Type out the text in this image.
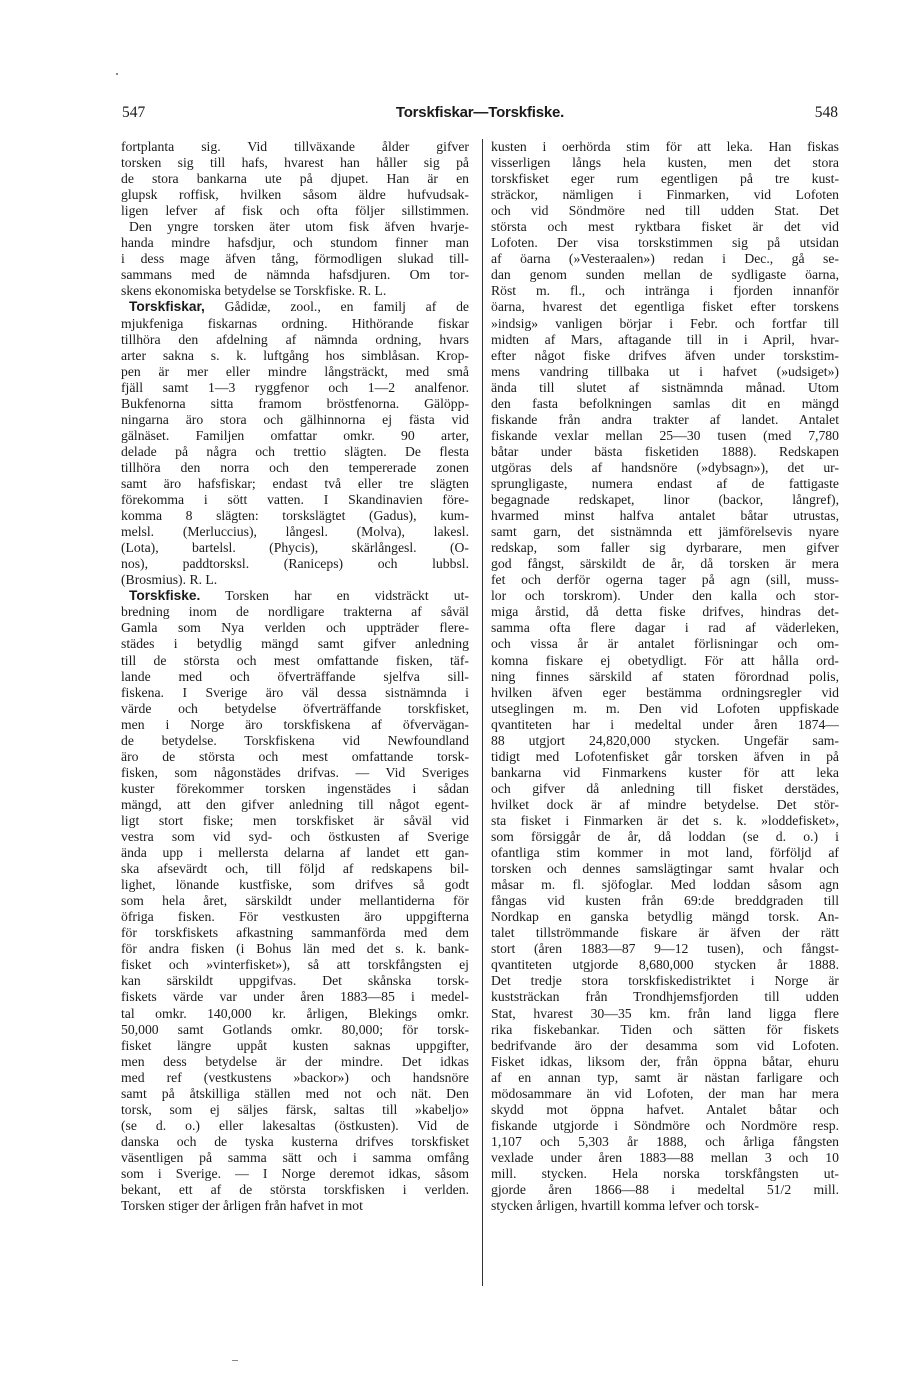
547	Torskfiskar—Torskfiske.	548
fortplanta sig. Vid tillväxande ålder gifver
torsken sig till hafs, hvarest han håller sig på
de stora bankarna ute på djupet. Han är en
glupsk roffisk, hvilken såsom äldre hufvudsak-
ligen lefver af fisk och ofta följer sillstimmen.
Den yngre torsken äter utom fisk äfven hvarje-
handa mindre hafsdjur, och stundom finner man
i dess mage äfven tång, förmodligen slukad till-
sammans med de nämnda hafsdjuren. Om tor-
skens ekonomiska betydelse se Torskfiske. R. L.
Torskfiskar, Gådidæ, zool., en familj af de
mjukfeniga fiskarnas ordning. Hithörande fiskar
tillhöra den afdelning af nämnda ordning, hvars
arter sakna s. k. luftgång hos simblåsan. Krop-
pen är mer eller mindre långsträckt, med små
fjäll samt 1—3 ryggfenor och 1—2 analfenor.
Bukfenorna sitta framom bröstfenorna. Gälöpp-
ningarna äro stora och gälhinnorna ej fästa vid
gälnäset. Familjen omfattar omkr. 90 arter,
delade på några och trettio slägten. De flesta
tillhöra den norra och den tempererade zonen
samt äro hafsfiskar; endast två eller tre slägten
förekomma i sött vatten. I Skandinavien före-
komma 8 slägten: torskslägtet (Gadus), kum-
melsl. (Merluccius), långesl. (Molva), lakesl.
(Lota), bartelsl. (Phycis), skärlångesl. (O-
nos), paddtorsksl. (Raniceps) och lubbsl.
(Brosmius). R. L.
Torskfiske. Torsken har en vidsträckt ut-
bredning inom de nordligare trakterna af såväl
Gamla som Nya verlden och uppträder flere-
städes i betydlig mängd samt gifver anledning
till de största och mest omfattande fisken, täf-
lande med och öfverträffande sjelfva sill-
fiskena. I Sverige äro väl dessa sistnämnda i
värde och betydelse öfverträffande torskfisket,
men i Norge äro torskfiskena af öfvervägan-
de betydelse. Torskfiskena vid Newfoundland
äro de största och mest omfattande torsk-
fisken, som någonstädes drifvas. — Vid Sveriges
kuster förekommer torsken ingenstädes i sådan
mängd, att den gifver anledning till något egent-
ligt stort fiske; men torskfisket är såväl vid
vestra som vid syd- och östkusten af Sverige
ända upp i mellersta delarna af landet ett gan-
ska afsevärdt och, till följd af redskapens bil-
lighet, lönande kustfiske, som drifves så godt
som hela året, särskildt under mellantiderna för
öfriga fisken. För vestkusten äro uppgifterna
för torskfiskets afkastning sammanförda med dem
för andra fisken (i Bohus län med det s. k. bank-
fisket och »vinterfisket»), så att torskfångsten ej
kan särskildt uppgifvas. Det skånska torsk-
fiskets värde var under åren 1883—85 i medel-
tal omkr. 140,000 kr. årligen, Blekings omkr.
50,000 samt Gotlands omkr. 80,000; för torsk-
fisket längre uppåt kusten saknas uppgifter,
men dess betydelse är der mindre. Det idkas
med ref (vestkustens »backor») och handsnöre
samt på åtskilliga ställen med not och nät. Den
torsk, som ej säljes färsk, saltas till »kabeljo»
(se d. o.) eller lakesaltas (östkusten). Vid de
danska och de tyska kusterna drifves torskfisket
väsentligen på samma sätt och i samma omfång
som i Sverige. — I Norge deremot idkas, såsom
bekant, ett af de största torskfisken i verlden.
Torsken stiger der årligen från hafvet in mot
kusten i oerhörda stim för att leka. Han fiskas
visserligen långs hela kusten, men det stora
torskfisket eger rum egentligen på tre kust-
sträckor, nämligen i Finmarken, vid Lofoten
och vid Söndmöre ned till udden Stat. Det
största och mest ryktbara fisket är det vid
Lofoten. Der visa torskstimmen sig på utsidan
af öarna (»Vesteraalen») redan i Dec., gå se-
dan genom sunden mellan de sydligaste öarna,
Röst m. fl., och intränga i fjorden innanför
öarna, hvarest det egentliga fisket efter torskens
»indsig» vanligen börjar i Febr. och fortfar till
midten af Mars, aftagande till in i April, hvar-
efter något fiske drifves äfven under torskstim-
mens vandring tillbaka ut i hafvet (»udsiget»)
ända till slutet af sistnämnda månad. Utom
den fasta befolkningen samlas dit en mängd
fiskande från andra trakter af landet. Antalet
fiskande vexlar mellan 25—30 tusen (med 7,780
båtar under bästa fisketiden 1888). Redskapen
utgöras dels af handsnöre (»dybsagn»), det ur-
sprungligaste, numera endast af de fattigaste
begagnade redskapet, linor (backor, långref),
hvarmed minst halfva antalet båtar utrustas,
samt garn, det sistnämnda ett jämförelsevis nyare
redskap, som faller sig dyrbarare, men gifver
god fångst, särskildt de år, då torsken är mera
fet och derför ogerna tager på agn (sill, muss-
lor och torskrom). Under den kalla och stor-
miga årstid, då detta fiske drifves, hindras det-
samma ofta flere dagar i rad af väderleken,
och vissa år är antalet förlisningar och om-
komna fiskare ej obetydligt. För att hålla ord-
ning finnes särskild af staten förordnad polis,
hvilken äfven eger bestämma ordningsregler vid
utseglingen m. m. Den vid Lofoten uppfiskade
qvantiteten har i medeltal under åren 1874—
88 utgjort 24,820,000 stycken. Ungefär sam-
tidigt med Lofotenfisket går torsken äfven in på
bankarna vid Finmarkens kuster för att leka
och gifver då anledning till fisket derstädes,
hvilket dock är af mindre betydelse. Det stör-
sta fisket i Finmarken är det s. k. »loddefisket»,
som försiggår de år, då loddan (se d. o.) i
ofantliga stim kommer in mot land, förföljd af
torsken och dennes samslägtingar samt hvalar och
måsar m. fl. sjöfoglar. Med loddan såsom agn
fångas vid kusten från 69:de breddgraden till
Nordkap en ganska betydlig mängd torsk. An-
talet tillströmmande fiskare är äfven der rätt
stort (åren 1883—87 9—12 tusen), och fångst-
qvantiteten utgjorde 8,680,000 stycken år 1888.
Det tredje stora torskfiskedistriktet i Norge är
kuststräckan från Trondhjemsfjorden till udden
Stat, hvarest 30—35 km. från land ligga flere
rika fiskebankar. Tiden och sätten för fiskets
bedrifvande äro der desamma som vid Lofoten.
Fisket idkas, liksom der, från öppna båtar, ehuru
af en annan typ, samt är nästan farligare och
mödosammare än vid Lofoten, der man har mera
skydd mot öppna hafvet. Antalet båtar och
fiskande utgjorde i Söndmöre och Nordmöre resp.
1,107 och 5,303 år 1888, och årliga fångsten
vexlade under åren 1883—88 mellan 3 och 10
mill. stycken. Hela norska torskfångsten ut-
gjorde åren 1866—88 i medeltal 51/2 mill.
stycken årligen, hvartill komma lefver och torsk-
